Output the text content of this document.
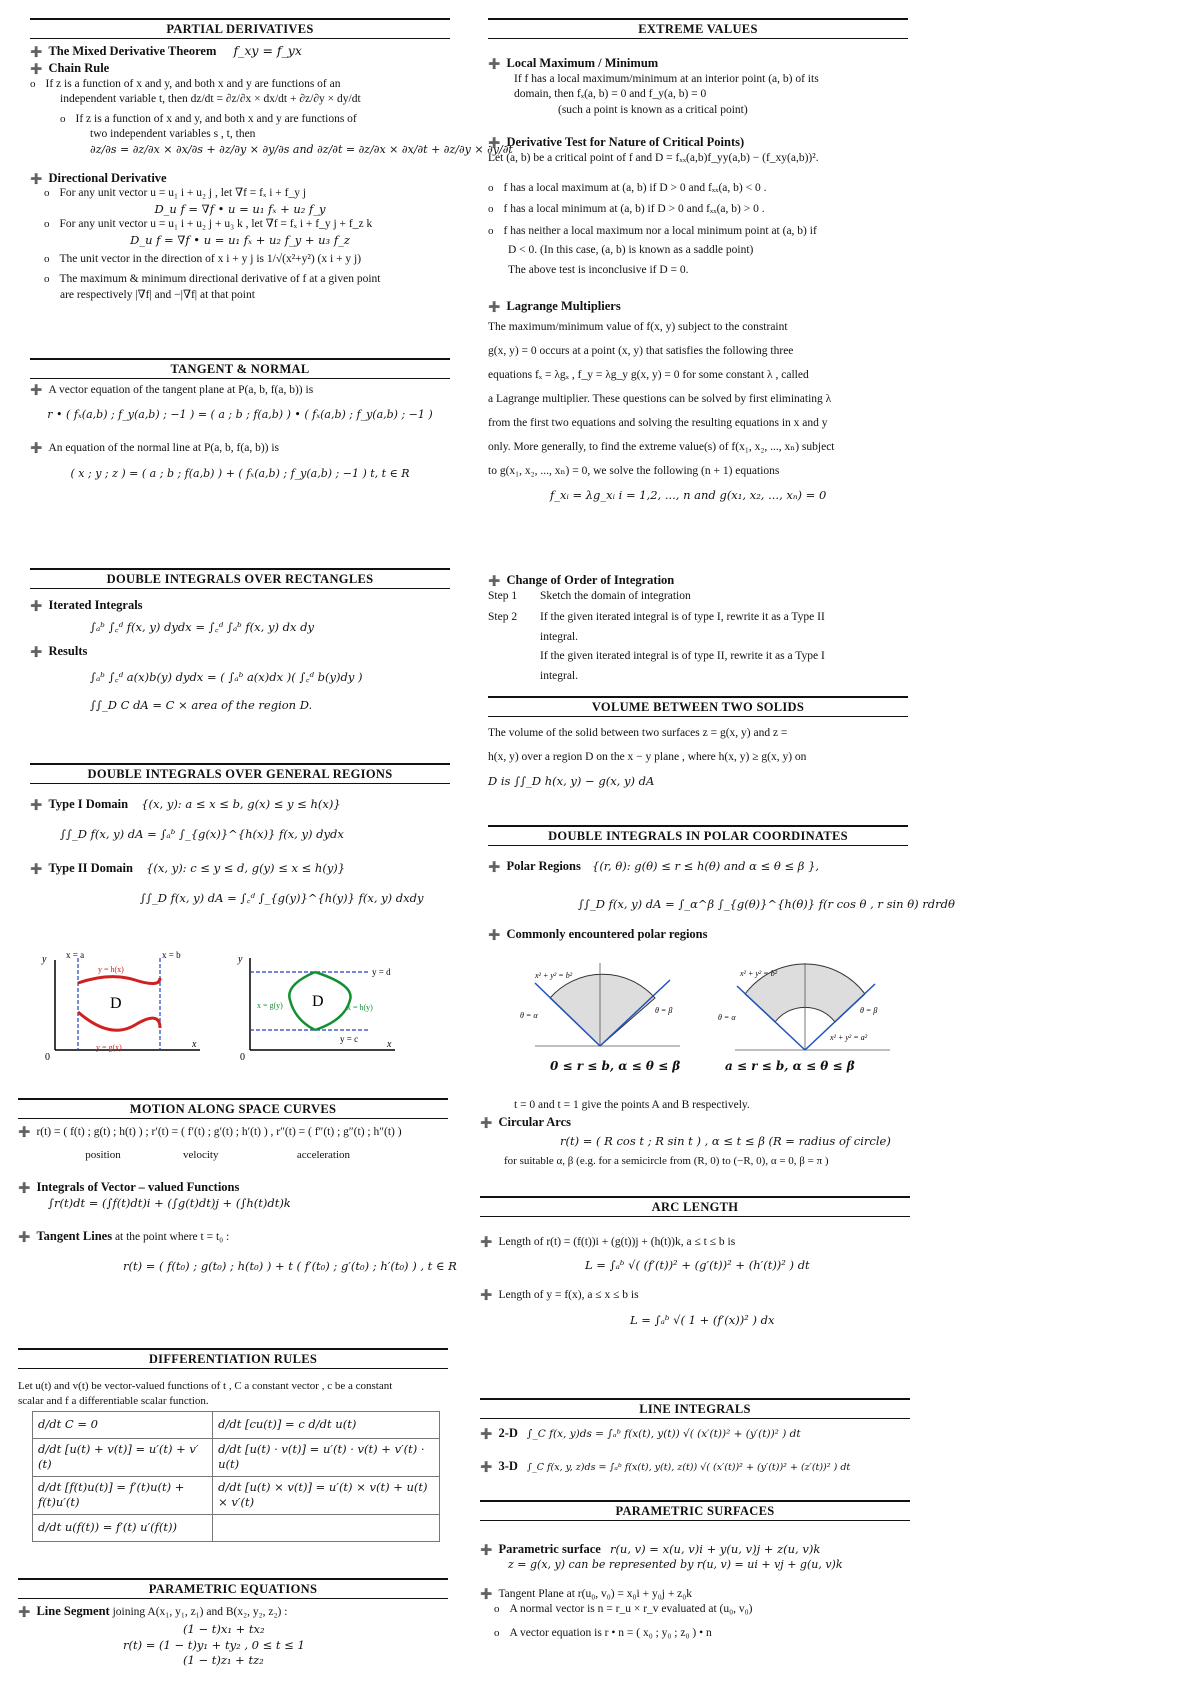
PARTIAL DERIVATIVES
➕ The Mixed Derivative Theorem f_xy = f_yx
➕ Chain Rule
o If z is a function of x and y, and both x and y are functions of an
independent variable t, then dz/dt = ∂z/∂x × dx/dt + ∂z/∂y × dy/dt
o If z is a function of x and y, and both x and y are functions of
two independent variables s , t, then
∂z/∂s = ∂z/∂x × ∂x/∂s + ∂z/∂y × ∂y/∂s and ∂z/∂t = ∂z/∂x × ∂x/∂t + ∂z/∂y × ∂y/∂t
➕ Directional Derivative
o For any unit vector u = u₁ i + u₂ j , let ∇f = fₓ i + f_y j
D_u f = ∇f • u = u₁ fₓ + u₂ f_y
o For any unit vector u = u₁ i + u₂ j + u₃ k , let ∇f = fₓ i + f_y j + f_z k
D_u f = ∇f • u = u₁ fₓ + u₂ f_y + u₃ f_z
o The unit vector in the direction of x i + y j is 1/√(x²+y²) (x i + y j)
o The maximum & minimum directional derivative of f at a given point
are respectively |∇f| and −|∇f| at that point
TANGENT & NORMAL
➕ A vector equation of the tangent plane at P(a, b, f(a, b)) is
r • ( fₓ(a,b) ; f_y(a,b) ; −1 ) = ( a ; b ; f(a,b) ) • ( fₓ(a,b) ; f_y(a,b) ; −1 )
➕ An equation of the normal line at P(a, b, f(a, b)) is
( x ; y ; z ) = ( a ; b ; f(a,b) ) + ( fₓ(a,b) ; f_y(a,b) ; −1 ) t, t ∈ R
DOUBLE INTEGRALS OVER RECTANGLES
➕ Iterated Integrals
∫ₐᵇ ∫꜀ᵈ f(x, y) dydx = ∫꜀ᵈ ∫ₐᵇ f(x, y) dx dy
➕ Results
∫ₐᵇ ∫꜀ᵈ a(x)b(y) dydx = ( ∫ₐᵇ a(x)dx )( ∫꜀ᵈ b(y)dy )
∫∫_D C dA = C × area of the region D.
DOUBLE INTEGRALS OVER GENERAL REGIONS
➕ Type I Domain {(x, y): a ≤ x ≤ b, g(x) ≤ y ≤ h(x)}
∫∫_D f(x, y) dA = ∫ₐᵇ ∫_{g(x)}^{h(x)} f(x, y) dydx
➕ Type II Domain {(x, y): c ≤ y ≤ d, g(y) ≤ x ≤ h(y)}
∫∫_D f(x, y) dA = ∫꜀ᵈ ∫_{g(y)}^{h(y)} f(x, y) dxdy
y
x
0
x = a	x = b
y = h(x)
y = g(x)
D
y
x
0
y = d
y = c
x = h(y)
x = g(y) D
MOTION ALONG SPACE CURVES
➕ r(t) = ( f(t) ; g(t) ; h(t) ) ; r′(t) = ( f′(t) ; g′(t) ; h′(t) ) , r″(t) = ( f″(t) ; g″(t) ; h″(t) )
position	velocity	acceleration
➕ Integrals of Vector – valued Functions
∫r(t)dt = (∫f(t)dt)i + (∫g(t)dt)j + (∫h(t)dt)k
➕ Tangent Lines at the point where t = t₀ :
r(t) = ( f(t₀) ; g(t₀) ; h(t₀) ) + t ( f′(t₀) ; g′(t₀) ; h′(t₀) ) , t ∈ R
DIFFERENTIATION RULES
Let u(t) and v(t) be vector-valued functions of t , C a constant vector , c be a constant
scalar and f a differentiable scalar function.
d/dt C = 0	d/dt [cu(t)] = c d/dt u(t)
d/dt [u(t) + v(t)] = u′(t) + v′(t)	d/dt [u(t) · v(t)] = u′(t) · v(t) + v′(t) · u(t)
d/dt [f(t)u(t)] = f′(t)u(t) + f(t)u′(t)	d/dt [u(t) × v(t)] = u′(t) × v(t) + u(t) × v′(t)
d/dt u(f(t)) = f′(t) u′(f(t))	
PARAMETRIC EQUATIONS
➕ Line Segment joining A(x₁, y₁, z₁) and B(x₂, y₂, z₂) :
(1 − t)x₁ + tx₂
r(t) = (1 − t)y₁ + ty₂ , 0 ≤ t ≤ 1
(1 − t)z₁ + tz₂
EXTREME VALUES
➕ Local Maximum / Minimum
If f has a local maximum/minimum at an interior point (a, b) of its
domain, then fₓ(a, b) = 0 and f_y(a, b) = 0
(such a point is known as a critical point)
➕ Derivative Test for Nature of Critical Points)
Let (a, b) be a critical point of f and D = fₓₓ(a,b)f_yy(a,b) − (f_xy(a,b))².
o f has a local maximum at (a, b) if D > 0 and fₓₓ(a, b) < 0 .
o f has a local minimum at (a, b) if D > 0 and fₓₓ(a, b) > 0 .
o f has neither a local maximum nor a local minimum point at (a, b) if
D < 0. (In this case, (a, b) is known as a saddle point)
The above test is inconclusive if D = 0.
➕ Lagrange Multipliers
The maximum/minimum value of f(x, y) subject to the constraint
g(x, y) = 0 occurs at a point (x, y) that satisfies the following three
equations fₓ = λgₓ , f_y = λg_y g(x, y) = 0 for some constant λ , called
a Lagrange multiplier. These questions can be solved by first eliminating λ
from the first two equations and solving the resulting equations in x and y
only. More generally, to find the extreme value(s) of f(x₁, x₂, ..., xₙ) subject
to g(x₁, x₂, ..., xₙ) = 0, we solve the following (n + 1) equations
f_xᵢ = λg_xᵢ i = 1,2, ..., n and g(x₁, x₂, ..., xₙ) = 0
➕ Change of Order of Integration
Step 1 Sketch the domain of integration
Step 2 If the given iterated integral is of type I, rewrite it as a Type II
integral.
If the given iterated integral is of type II, rewrite it as a Type I
integral.
VOLUME BETWEEN TWO SOLIDS
The volume of the solid between two surfaces z = g(x, y) and z =
h(x, y) over a region D on the x − y plane , where h(x, y) ≥ g(x, y) on
D is ∫∫_D h(x, y) − g(x, y) dA
DOUBLE INTEGRALS IN POLAR COORDINATES
➕ Polar Regions {(r, θ): g(θ) ≤ r ≤ h(θ) and α ≤ θ ≤ β },
∫∫_D f(x, y) dA = ∫_α^β ∫_{g(θ)}^{h(θ)} f(r cos θ , r sin θ) rdrdθ
➕ Commonly encountered polar regions
x² + y² = b²
θ = α
θ = β
x² + y² = b²
θ = α
θ = β
x² + y² = a²
0 ≤ r ≤ b, α ≤ θ ≤ β	a ≤ r ≤ b, α ≤ θ ≤ β
t = 0 and t = 1 give the points A and B respectively.
➕ Circular Arcs
r(t) = ( R cos t ; R sin t ) , α ≤ t ≤ β (R = radius of circle)
for suitable α, β (e.g. for a semicircle from (R, 0) to (−R, 0), α = 0, β = π )
ARC LENGTH
➕ Length of r(t) = (f(t))i + (g(t))j + (h(t))k, a ≤ t ≤ b is
L = ∫ₐᵇ √( (f′(t))² + (g′(t))² + (h′(t))² ) dt
➕ Length of y = f(x), a ≤ x ≤ b is
L = ∫ₐᵇ √( 1 + (f′(x))² ) dx
LINE INTEGRALS
➕ 2-D ∫_C f(x, y)ds = ∫ₐᵇ f(x(t), y(t)) √( (x′(t))² + (y′(t))² ) dt
➕ 3-D ∫_C f(x, y, z)ds = ∫ₐᵇ f(x(t), y(t), z(t)) √( (x′(t))² + (y′(t))² + (z′(t))² ) dt
PARAMETRIC SURFACES
➕ Parametric surface r(u, v) = x(u, v)i + y(u, v)j + z(u, v)k
z = g(x, y) can be represented by r(u, v) = ui + vj + g(u, v)k
➕ Tangent Plane at r(u₀, v₀) = x₀i + y₀j + z₀k
o A normal vector is n = r_u × r_v evaluated at (u₀, v₀)
o A vector equation is r • n = ( x₀ ; y₀ ; z₀ ) • n
